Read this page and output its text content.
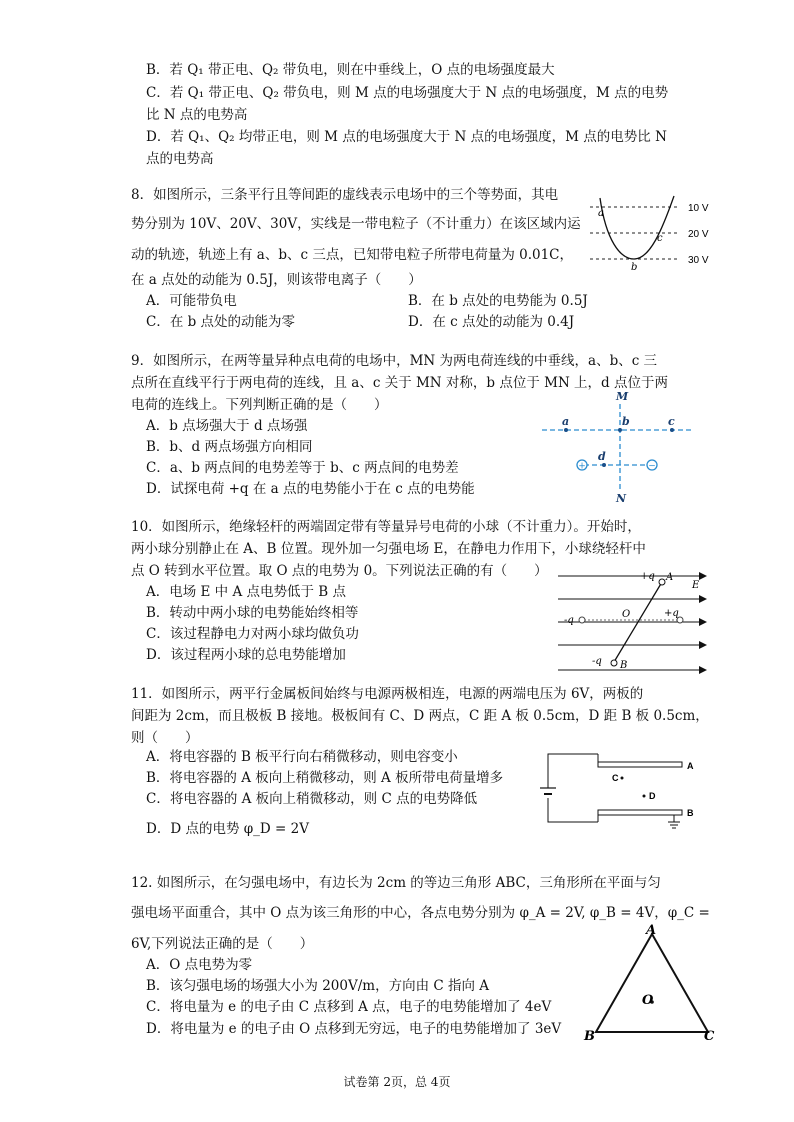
B．若 Q₁ 带正电、Q₂ 带负电，则在中垂线上，O 点的电场强度最大
C．若 Q₁ 带正电、Q₂ 带负电，则 M 点的电场强度大于 N 点的电场强度，M 点的电势
比 N 点的电势高
D．若 Q₁、Q₂ 均带正电，则 M 点的电场强度大于 N 点的电场强度，M 点的电势比 N
点的电势高
8．如图所示，三条平行且等间距的虚线表示电场中的三个等势面，其电
势分别为 10V、20V、30V，实线是一带电粒子（不计重力）在该区域内运
动的轨迹，轨迹上有 a、b、c 三点，已知带电粒子所带电荷量为 0.01C，
在 a 点处的动能为 0.5J，则该带电离子（　　）
A．可能带负电	B．在 b 点处的电势能为 0.5J
C．在 b 点处的动能为零	D．在 c 点处的动能为 0.4J
10 V
20 V
30 V
a
b
c
9．如图所示，在两等量异种点电荷的电场中，MN 为两电荷连线的中垂线，a、b、c 三
点所在直线平行于两电荷的连线，且 a、c 关于 MN 对称，b 点位于 MN 上，d 点位于两
电荷的连线上。下列判断正确的是（　　）
A．b 点场强大于 d 点场强
B．b、d 两点场强方向相同
C．a、b 两点间的电势差等于 b、c 两点间的电势差
D．试探电荷 +q 在 a 点的电势能小于在 c 点的电势能
+	−
M
N
a	b	c
d
10．如图所示，绝缘轻杆的两端固定带有等量异号电荷的小球（不计重力）。开始时，
两小球分别静止在 A、B 位置。现外加一匀强电场 E，在静电力作用下，小球绕轻杆中
点 O 转到水平位置。取 O 点的电势为 0。下列说法正确的有（　　）
A．电场 E 中 A 点电势低于 B 点
B．转动中两小球的电势能始终相等
C．该过程静电力对两小球均做负功
D．该过程两小球的总电势能增加
+q A
E
O
-q
+q
-q B
11．如图所示，两平行金属板间始终与电源两极相连，电源的两端电压为 6V，两板的
间距为 2cm，而且极板 B 接地。极板间有 C、D 两点，C 距 A 板 0.5cm，D 距 B 板 0.5cm，
则（　　）
A．将电容器的 B 板平行向右稍微移动，则电容变小
B．将电容器的 A 板向上稍微移动，则 A 板所带电荷量增多
C．将电容器的 A 板向上稍微移动，则 C 点的电势降低
D．D 点的电势 φ_D = 2V
C
D
A
B
12. 如图所示，在匀强电场中，有边长为 2cm 的等边三角形 ABC，三角形所在平面与匀
强电场平面重合，其中 O 点为该三角形的中心，各点电势分别为 φ_A = 2V, φ_B = 4V，φ_C =
6V,下列说法正确的是（　　）
A．O 点电势为零
B．该匀强电场的场强大小为 200V/m，方向由 C 指向 A
C．将电量为 e 的电子由 C 点移到 A 点，电子的电势能增加了 4eV
D．将电量为 e 的电子由 O 点移到无穷远，电子的电势能增加了 3eV
A
B	C
O
试卷第 2页，总 4页
